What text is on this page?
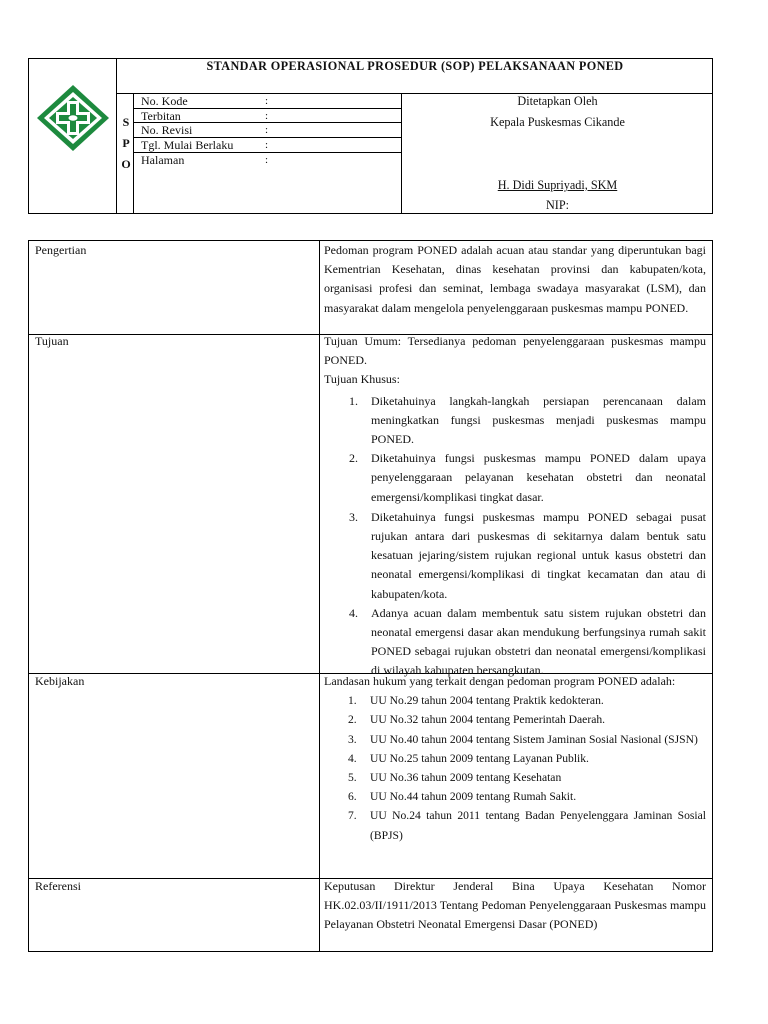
STANDAR OPERASIONAL PROSEDUR (SOP) PELAKSANAAN PONED
S
P
O
No. Kode	:
Terbitan	:
No. Revisi	:
Tgl. Mulai Berlaku	:
Halaman	:
Ditetapkan Oleh
Kepala Puskesmas Cikande
H. Didi Supriyadi, SKM
NIP:
Pengertian	Pedoman program PONED adalah acuan atau standar yang diperuntukan bagi Kementrian Kesehatan, dinas kesehatan provinsi dan kabupaten/kota, organisasi profesi dan seminat, lembaga swadaya masyarakat (LSM), dan masyarakat dalam mengelola penyelenggaraan puskesmas mampu PONED.
Tujuan	Tujuan Umum: Tersedianya pedoman penyelenggaraan puskesmas mampu PONED.
Tujuan Khusus:
1. Diketahuinya langkah-langkah persiapan perencanaan dalam meningkatkan fungsi puskesmas menjadi puskesmas mampu PONED.
2. Diketahuinya fungsi puskesmas mampu PONED dalam upaya penyelenggaraan pelayanan kesehatan obstetri dan neonatal emergensi/komplikasi tingkat dasar.
3. Diketahuinya fungsi puskesmas mampu PONED sebagai pusat rujukan antara dari puskesmas di sekitarnya dalam bentuk satu kesatuan jejaring/sistem rujukan regional untuk kasus obstetri dan neonatal emergensi/komplikasi di tingkat kecamatan dan atau di kabupaten/kota.
4. Adanya acuan dalam membentuk satu sistem rujukan obstetri dan neonatal emergensi dasar akan mendukung berfungsinya rumah sakit PONED sebagai rujukan obstetri dan neonatal emergensi/komplikasi di wilayah kabupaten bersangkutan.
Kebijakan	Landasan hukum yang terkait dengan pedoman program PONED adalah:
1. UU No.29 tahun 2004 tentang Praktik kedokteran.
2. UU No.32 tahun 2004 tentang Pemerintah Daerah.
3. UU No.40 tahun 2004 tentang Sistem Jaminan Sosial Nasional (SJSN)
4. UU No.25 tahun 2009 tentang Layanan Publik.
5. UU No.36 tahun 2009 tentang Kesehatan
6. UU No.44 tahun 2009 tentang Rumah Sakit.
7. UU No.24 tahun 2011 tentang Badan Penyelenggara Jaminan Sosial (BPJS)
Referensi	Keputusan Direktur Jenderal Bina Upaya Kesehatan Nomor HK.02.03/II/1911/2013 Tentang Pedoman Penyelenggaraan Puskesmas mampu Pelayanan Obstetri Neonatal Emergensi Dasar (PONED)
